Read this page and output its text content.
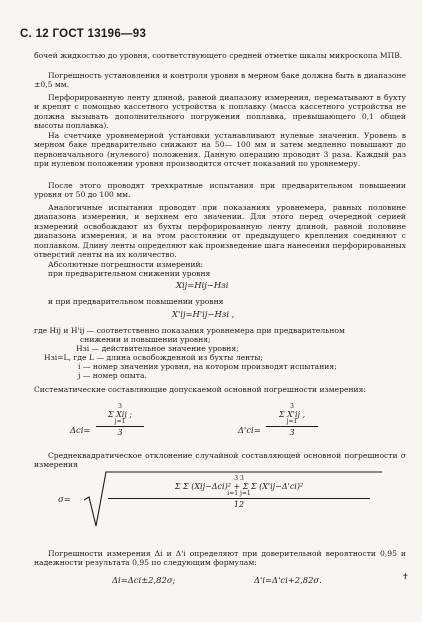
С. 12 ГОСТ 13196—93
бочей жидкостью до уровня, соответствующего средней отметке шкалы микроскопа МПВ.
Погрешность установления и контроля уровня в мерном баке должна быть в диапазоне ±0,5 мм.
Перфорированную ленту длиной, равной диапазону измерения, перематывают в бухту и крепят с помощью кассетного устройства к поплавку (масса кассетного устройства не должна вызывать дополнительного погружения поплавка, превышающего 0,1 общей высоты поплавка).
На счетчике уровнемерной установки устанавливают нулевые значения. Уровень в мерном баке предварительно снижают на 50— 100 мм и затем медленно повышают до первоначального (нулевого) положения. Данную операцию проводят 3 раза. Каждый раз при нулевом положении уровня производится отсчет показаний по уровнемеру.
После этого проводят трехкратные испытания при предварительном повышении уровня от 50 до 100 мм.
Аналогичные испытания проводят при показаниях уровнемера, равных половине диапазона измерения, и верхнем его значении. Для этого перед очередной серией измерений освобождают из бухты перфорированную ленту длиной, равной половине диапазона измерения, и на этом расстоянии от предыдущего крепления соединяют с поплавком. Длину ленты определяют как произведение шага нанесения перфорированных отверстий ленты на их количество.
Абсолютные погрешности измерений:
при предварительном снижении уровня
Xij=Hij−Hзi
и при предварительном повышении уровня
X'ij=H'ij−Hзi ,
где Hij и H'ij — соответственно показания уровнемера при предварительном
снижении и повышении уровня;
Hзi — действительное значение уровня;
Hзi=L, где L — длина освобожденной из бухты ленты;
i — номер значения уровня, на котором производят испытания;
j — номер опыта.
Систематические составляющие допускаемой основной погрешности измерения:
Δci=
3
Σ Xij ;
j=1
3	Δ'ci=
3
Σ X'ij ,
j=1
3
Среднеквадратическое отклонение случайной составляющей основной погрешности σ измерения
σ=
3 3
Σ Σ (Xij−Δci)² + Σ Σ (X'ij−Δ'ci)²
i=1 j=1
12
Погрешности измерения Δi и Δ'i определяют при доверительной вероятности 0,95 и надежности результата 0,95 по следующим формулам:
Δi=Δci±2,82σ;	Δ'i=Δ'ci+2,82σ.	✝
